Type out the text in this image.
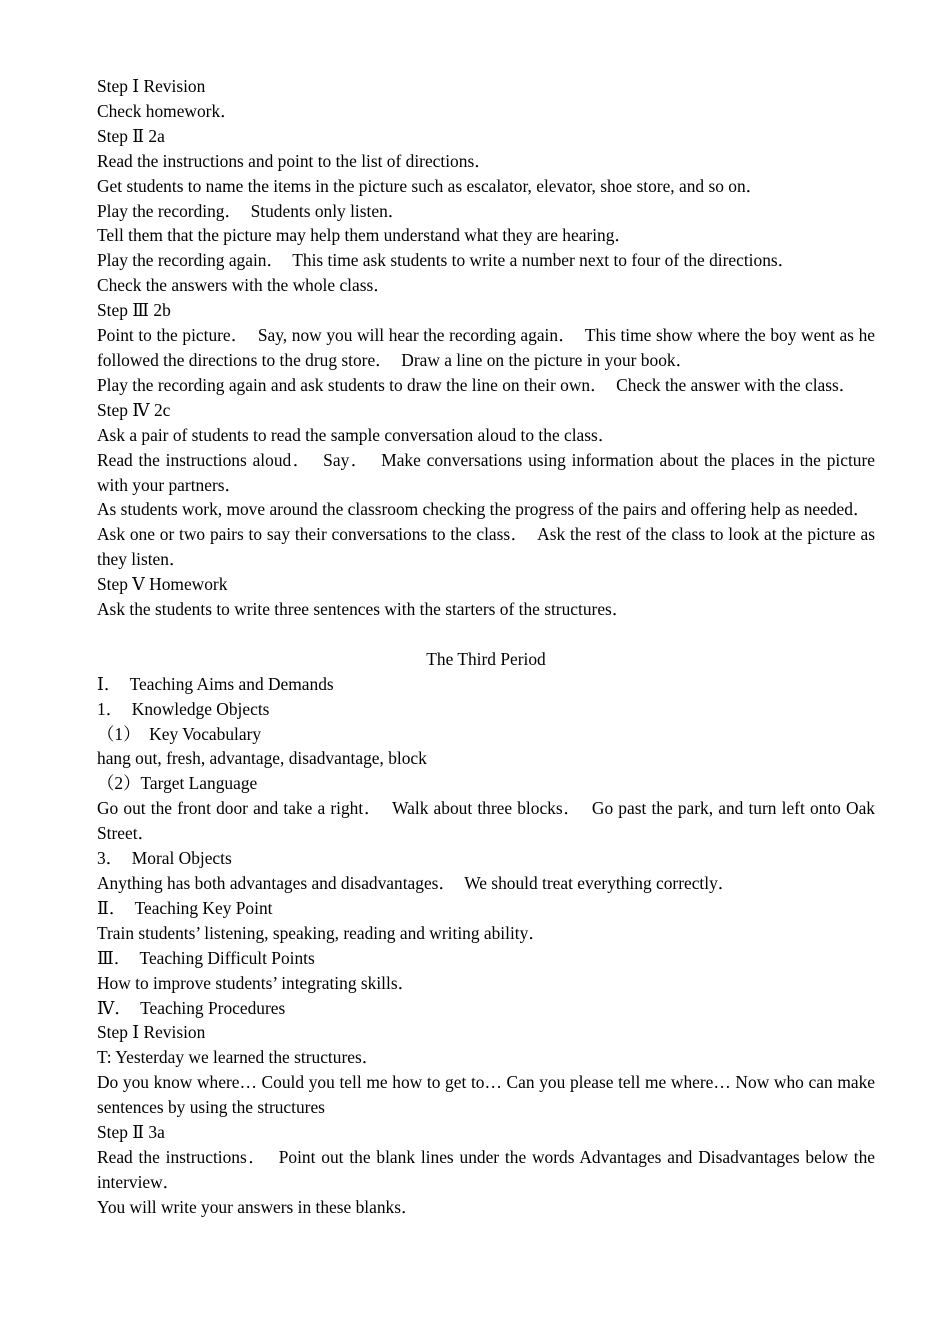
Step Ⅰ Revision

Check homework．

Step Ⅱ 2a

Read the instructions and point to the list of directions．

Get students to name the items in the picture such as escalator, elevator, shoe store, and so on．

Play the recording．  Students only listen．

Tell them that the picture may help them understand what they are hearing．

Play the recording again．  This time ask students to write a number next to four of the directions．

Check the answers with the whole class．

Step Ⅲ 2b

Point to the picture．  Say, now you will hear the recording again．  This time show where the boy went as he followed the directions to the drug store．  Draw a line on the picture in your book．

Play the recording again and ask students to draw the line on their own．  Check the answer with the class．

Step Ⅳ 2c

Ask a pair of students to read the sample conversation aloud to the class．

Read the instructions aloud．  Say．  Make conversations using information about the places in the picture with your partners．

As students work, move around the classroom checking the progress of the pairs and offering help as needed．

Ask one or two pairs to say their conversations to the class．  Ask the rest of the class to look at the picture as they listen．

Step Ⅴ Homework

Ask the students to write three sentences with the starters of the structures．

The Third Period

Ⅰ．  Teaching Aims and Demands

1．  Knowledge Objects

（1）  Key Vocabulary

hang out, fresh, advantage, disadvantage, block

（2）Target Language

Go out the front door and take a right．  Walk about three blocks．  Go past the park, and turn left onto Oak Street．

3．  Moral Objects

Anything has both advantages and disadvantages．  We should treat everything correctly．

Ⅱ．  Teaching Key Point

Train students’ listening, speaking, reading and writing ability．

Ⅲ．  Teaching Difficult Points

How to improve students’ integrating skills．

Ⅳ．  Teaching Procedures

Step Ⅰ Revision

T: Yesterday we learned the structures．

Do you know where… Could you tell me how to get to… Can you please tell me where… Now who can make sentences by using the structures

Step Ⅱ 3a

Read the instructions．  Point out the blank lines under the words Advantages and Disadvantages below the interview．

You will write your answers in these blanks．
